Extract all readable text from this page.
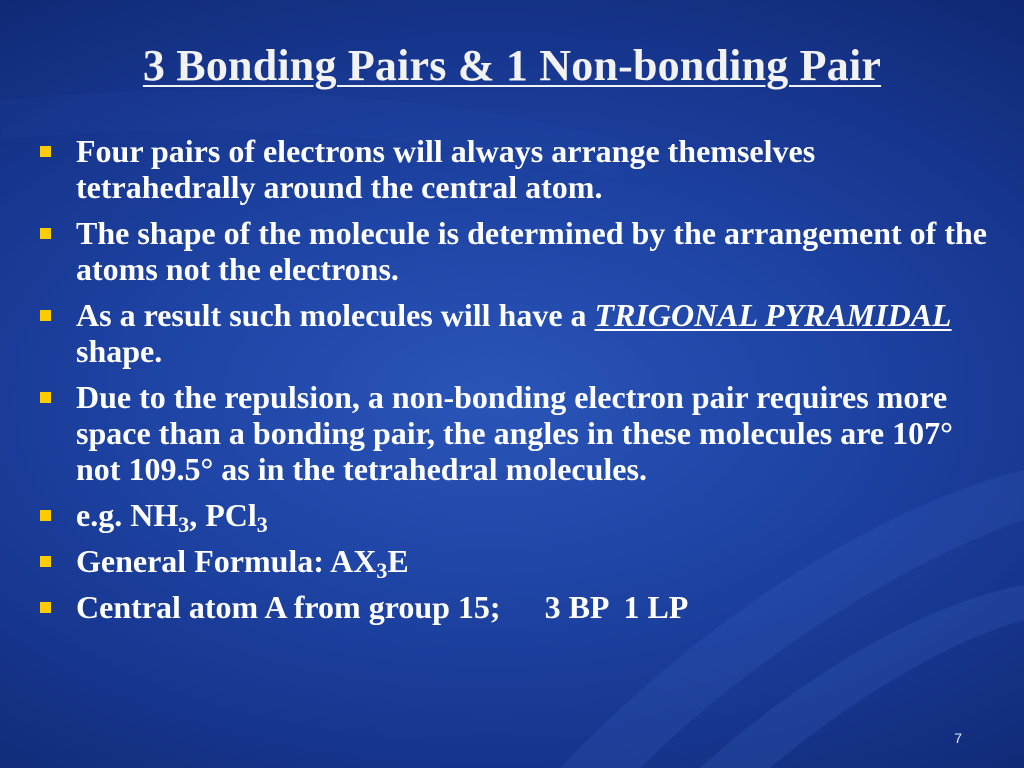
3 Bonding Pairs & 1 Non-bonding Pair
Four pairs of electrons will always arrange themselves tetrahedrally around the central atom.
The shape of the molecule is determined by the arrangement of the atoms not the electrons.
As a result such molecules will have a TRIGONAL PYRAMIDAL shape.
Due to the repulsion, a non-bonding electron pair requires more space than a bonding pair, the angles in these molecules are 107° not 109.5° as in the tetrahedral molecules.
e.g. $NH_3$, PCl$_3$
General Formula: $AX_3E$
Central atom A from group 15; 3 BP 1 LP
7
